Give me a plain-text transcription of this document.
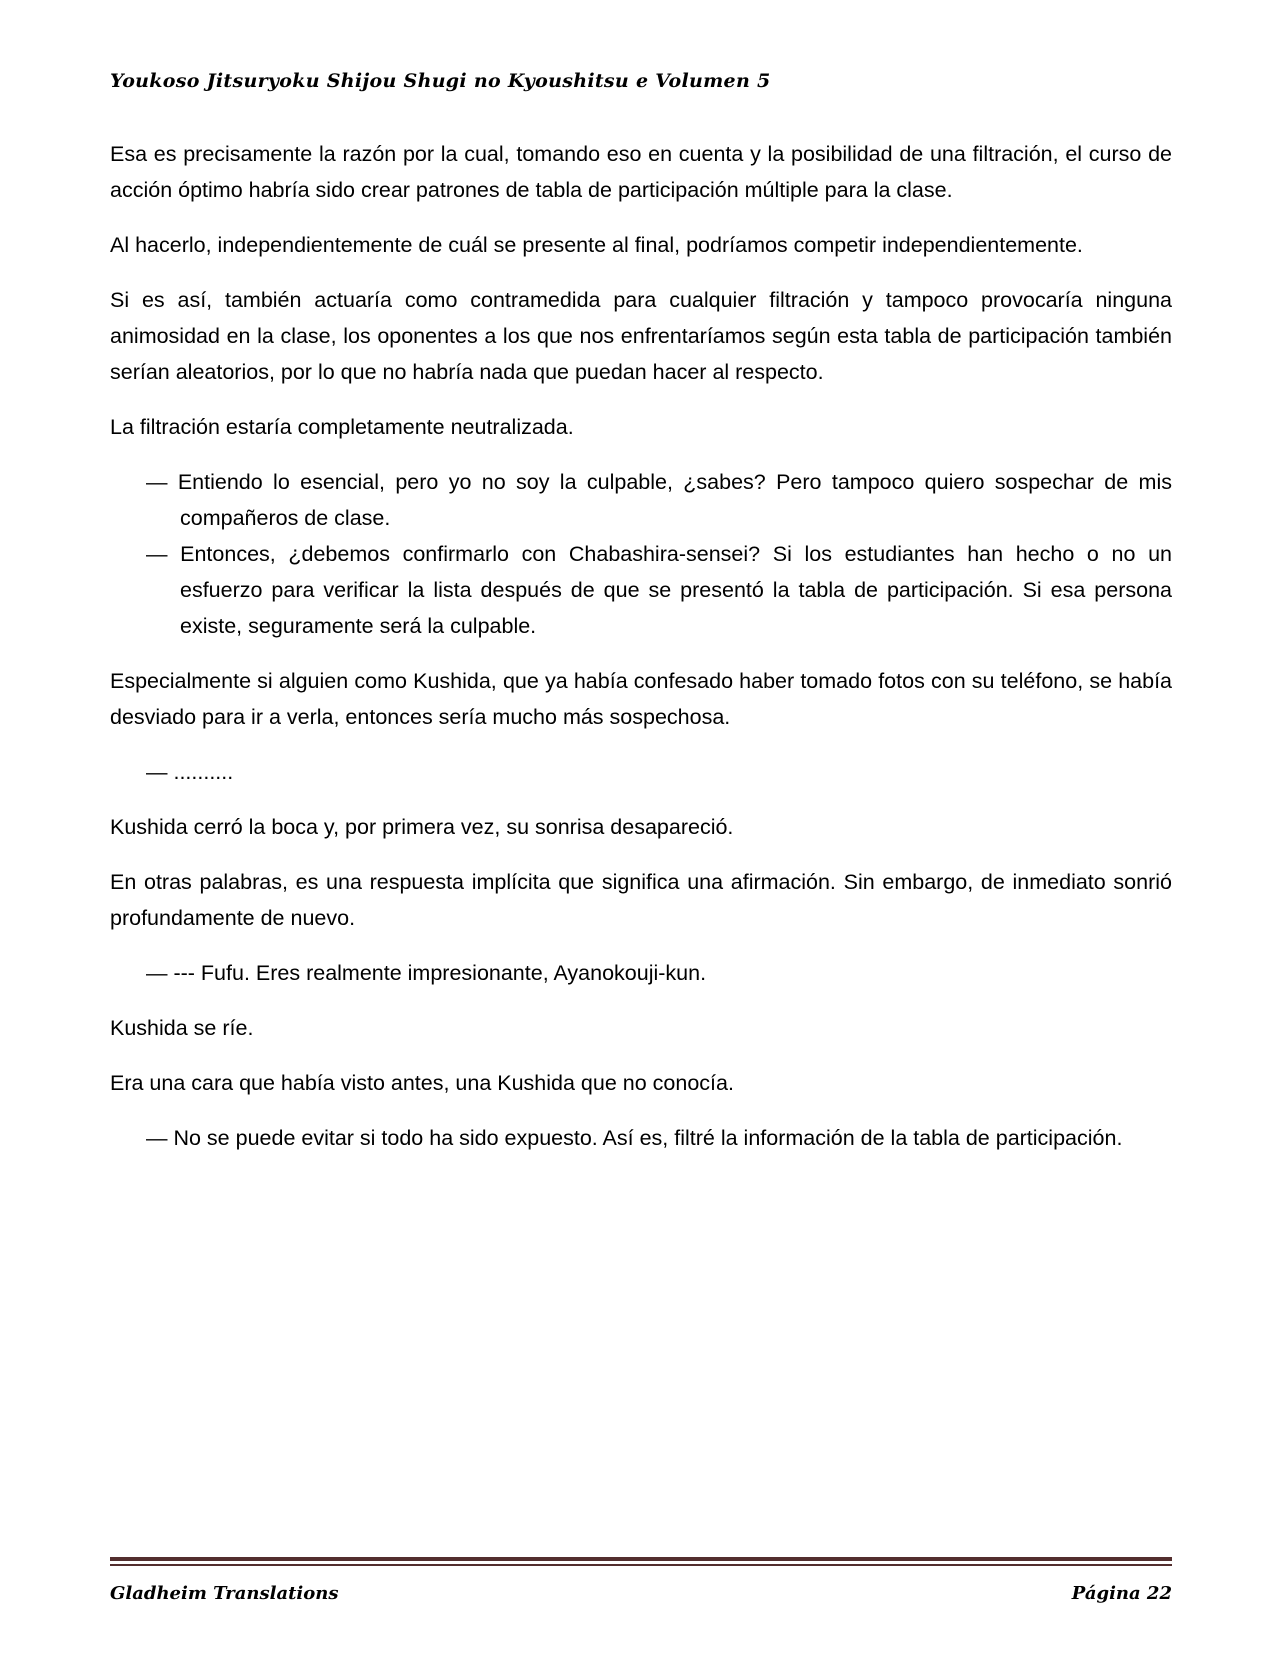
Youkoso Jitsuryoku Shijou Shugi no Kyoushitsu e Volumen 5

Esa es precisamente la razón por la cual, tomando eso en cuenta y la posibilidad de una filtración, el curso de acción óptimo habría sido crear patrones de tabla de participación múltiple para la clase.

Al hacerlo, independientemente de cuál se presente al final, podríamos competir independientemente.

Si es así, también actuaría como contramedida para cualquier filtración y tampoco provocaría ninguna animosidad en la clase, los oponentes a los que nos enfrentaríamos según esta tabla de participación también serían aleatorios, por lo que no habría nada que puedan hacer al respecto.

La filtración estaría completamente neutralizada.

— Entiendo lo esencial, pero yo no soy la culpable, ¿sabes? Pero tampoco quiero sospechar de mis compañeros de clase.

— Entonces, ¿debemos confirmarlo con Chabashira-sensei? Si los estudiantes han hecho o no un esfuerzo para verificar la lista después de que se presentó la tabla de participación. Si esa persona existe, seguramente será la culpable.

Especialmente si alguien como Kushida, que ya había confesado haber tomado fotos con su teléfono, se había desviado para ir a verla, entonces sería mucho más sospechosa.

— ..........

Kushida cerró la boca y, por primera vez, su sonrisa desapareció.

En otras palabras, es una respuesta implícita que significa una afirmación. Sin embargo, de inmediato sonrió profundamente de nuevo.

— --- Fufu. Eres realmente impresionante, Ayanokouji-kun.

Kushida se ríe.

Era una cara que había visto antes, una Kushida que no conocía.

— No se puede evitar si todo ha sido expuesto. Así es, filtré la información de la tabla de participación.

Gladheim Translations	Página 22
